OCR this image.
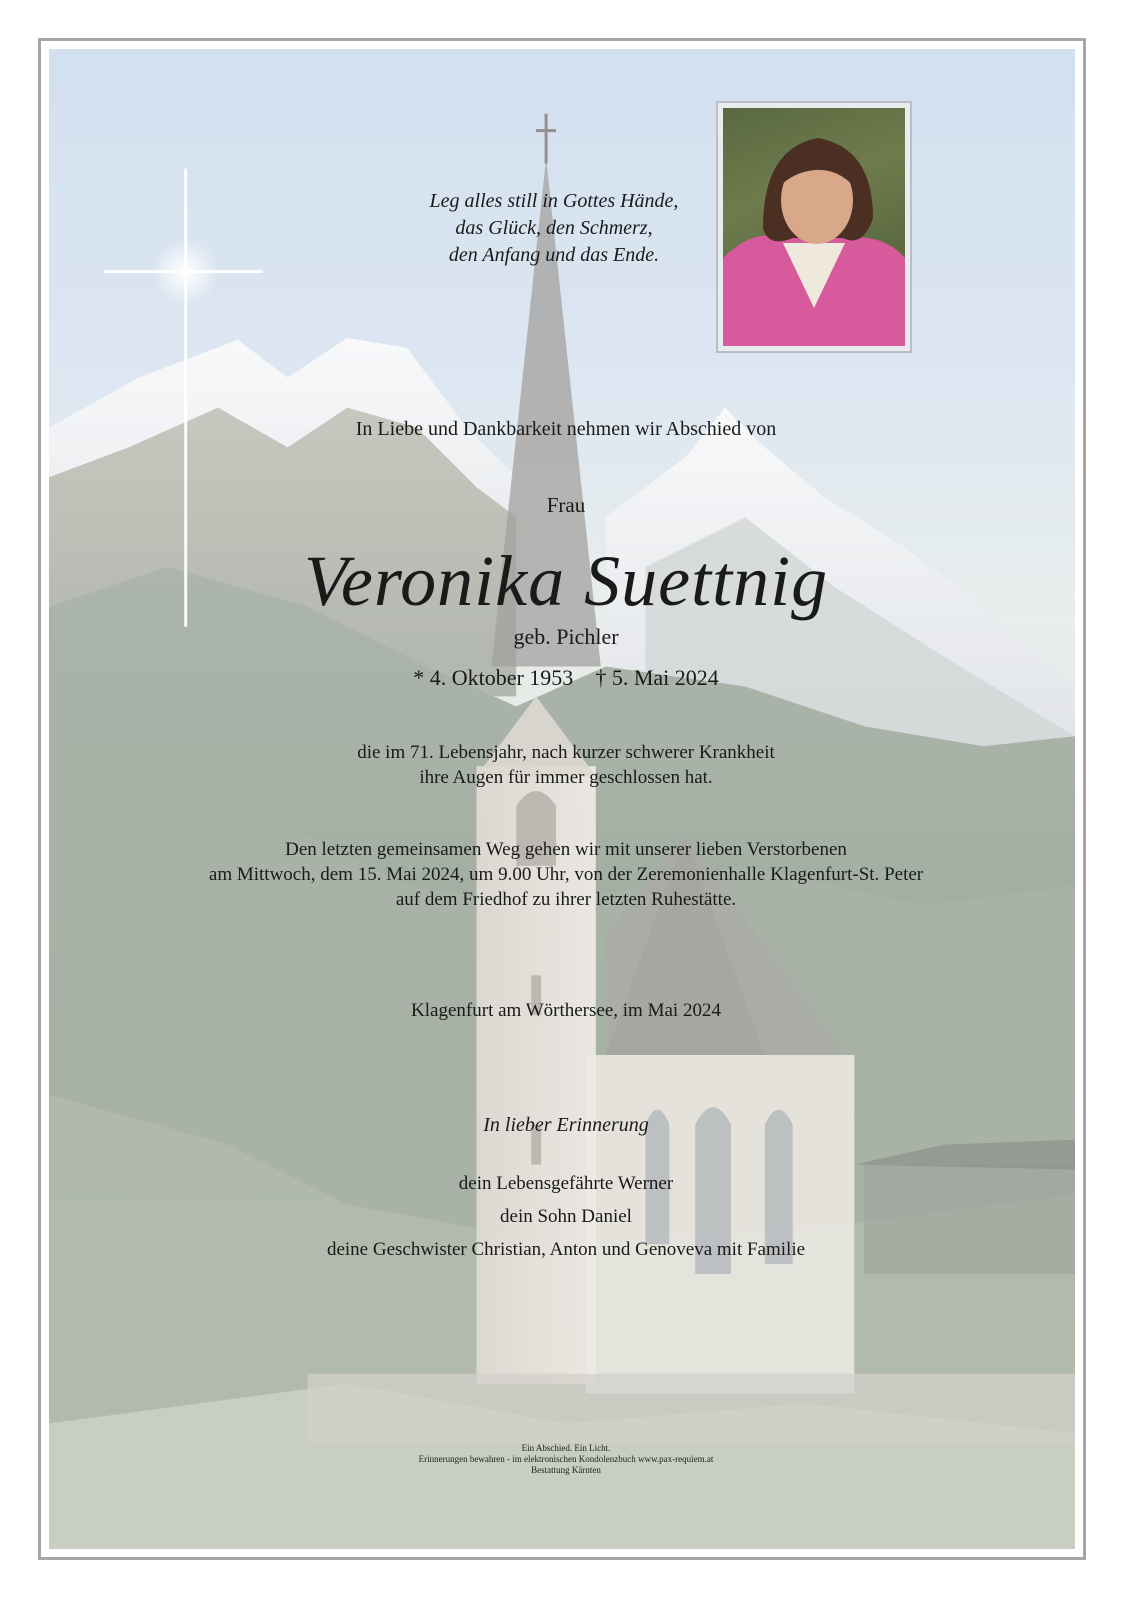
Leg alles still in Gottes Hände,
das Glück, den Schmerz,
den Anfang und das Ende.
In Liebe und Dankbarkeit nehmen wir Abschied von
Frau
Veronika Suettnig
geb. Pichler
* 4. Oktober 1953 † 5. Mai 2024
die im 71. Lebensjahr, nach kurzer schwerer Krankheit
ihre Augen für immer geschlossen hat.
Den letzten gemeinsamen Weg gehen wir mit unserer lieben Verstorbenen
am Mittwoch, dem 15. Mai 2024, um 9.00 Uhr, von der Zeremonienhalle Klagenfurt-St. Peter
auf dem Friedhof zu ihrer letzten Ruhestätte.
Klagenfurt am Wörthersee, im Mai 2024
In lieber Erinnerung
dein Lebensgefährte Werner
dein Sohn Daniel
deine Geschwister Christian, Anton und Genoveva mit Familie
Ein Abschied. Ein Licht.
Erinnerungen bewahren - im elektronischen Kondolenzbuch www.pax-requiem.at
Bestattung Kärnten
